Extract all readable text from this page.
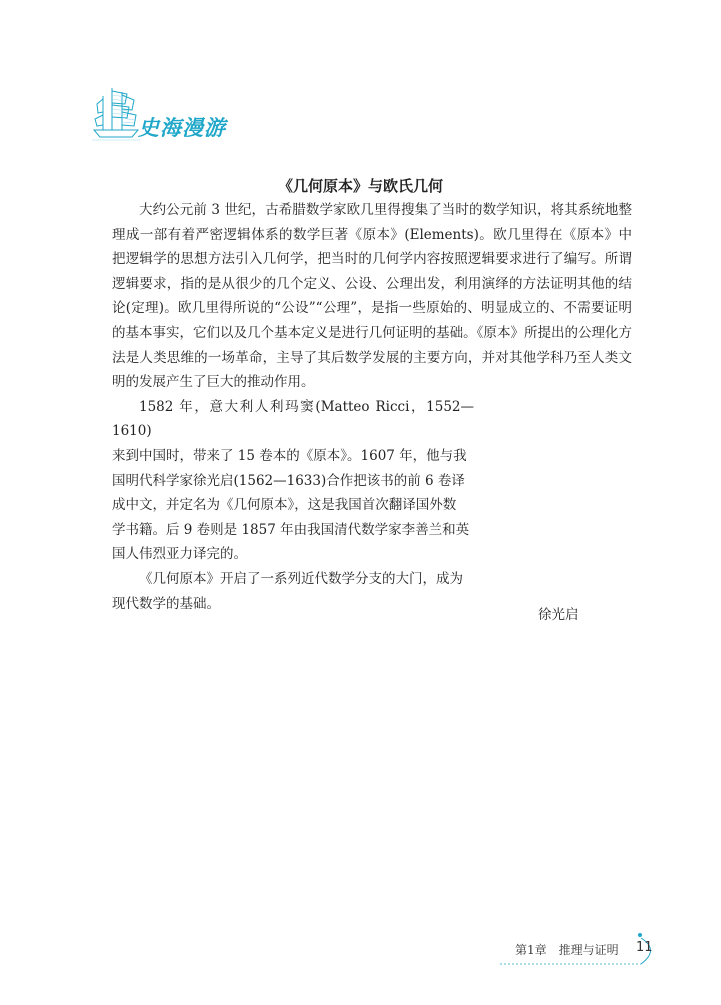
史海漫游
《几何原本》与欧氏几何

大约公元前 3 世纪，古希腊数学家欧几里得搜集了当时的数学知识，将其系统地整理成一部有着严密逻辑体系的数学巨著《原本》(Elements)。欧几里得在《原本》中把逻辑学的思想方法引入几何学，把当时的几何学内容按照逻辑要求进行了编写。所谓逻辑要求，指的是从很少的几个定义、公设、公理出发，利用演绎的方法证明其他的结论(定理)。欧几里得所说的“公设”“公理”，是指一些原始的、明显成立的、不需要证明的基本事实，它们以及几个基本定义是进行几何证明的基础。《原本》所提出的公理化方法是人类思维的一场革命，主导了其后数学发展的主要方向，并对其他学科乃至人类文明的发展产生了巨大的推动作用。

1582 年，意大利人利玛窦(Matteo Ricci，1552—1610)
来到中国时，带来了 15 卷本的《原本》。1607 年，他与我
国明代科学家徐光启(1562—1633)合作把该书的前 6 卷译
成中文，并定名为《几何原本》，这是我国首次翻译国外数
学书籍。后 9 卷则是 1857 年由我国清代数学家李善兰和英
国人伟烈亚力译完的。

《几何原本》开启了一系列近代数学分支的大门，成为
现代数学的基础。

徐光启
第1章　推理与证明 11
